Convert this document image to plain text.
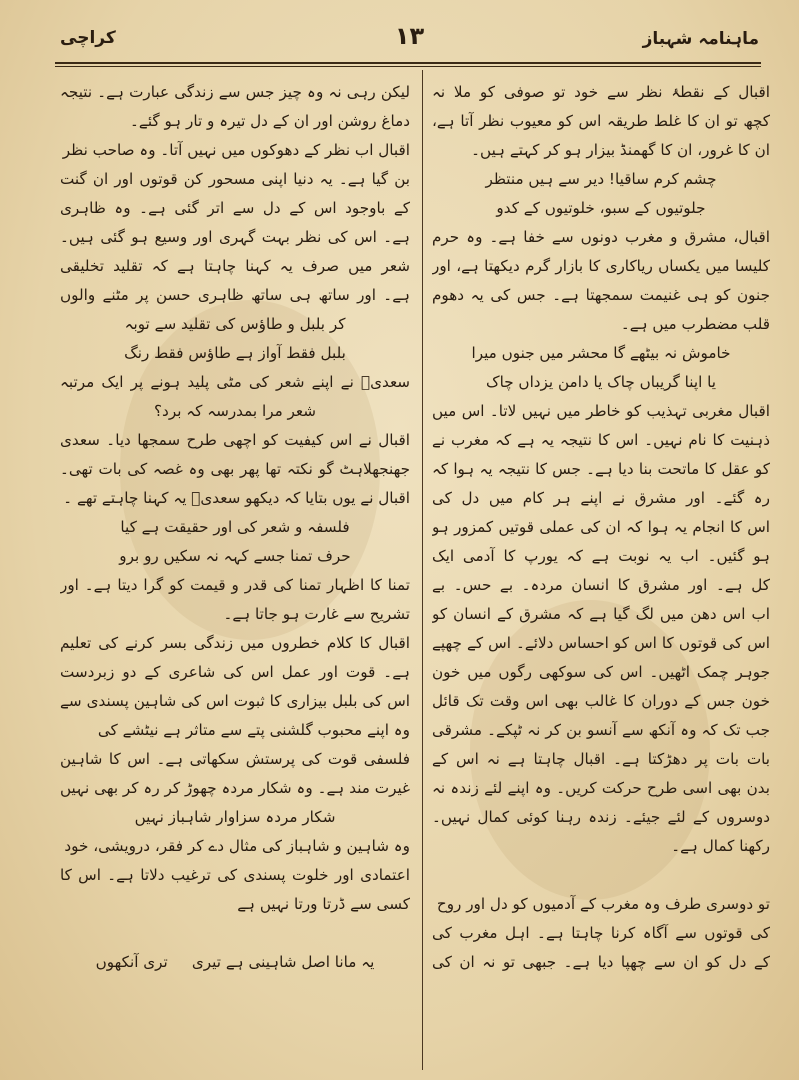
ماہنامہ شہباز
۱۳
کراچی
اقبال کے نقطۂ نظر سے خود تو صوفی کو ملا نہ
کچھ تو ان کا غلط طریقہ اس کو معیوب نظر آتا ہے،
ان کا غرور، ان کا گھمنڈ بیزار ہو کر کہتے ہیں۔
چشم کرم ساقیا! دیر سے ہیں منتظر
جلوتیوں کے سبو، خلوتیوں کے کدو
اقبال، مشرق و مغرب دونوں سے خفا ہے۔ وہ حرم
کلیسا میں یکساں ریاکاری کا بازار گرم دیکھتا ہے، اور
جنون کو ہی غنیمت سمجھتا ہے۔ جس کی یہ دھوم
قلب مضطرب میں ہے۔
خاموش نہ بیٹھے گا محشر میں جنوں میرا
یا اپنا گریباں چاک یا دامن یزداں چاک
اقبال مغربی تہذیب کو خاطر میں نہیں لاتا۔ اس میں
ذہنیت کا نام نہیں۔ اس کا نتیجہ یہ ہے کہ مغرب نے
کو عقل کا ماتحت بنا دیا ہے۔ جس کا نتیجہ یہ ہوا کہ
رہ گئے۔ اور مشرق نے اپنے ہر کام میں دل کی
اس کا انجام یہ ہوا کہ ان کی عملی قوتیں کمزور ہو
ہو گئیں۔ اب یہ نوبت ہے کہ یورپ کا آدمی ایک
کل ہے۔ اور مشرق کا انسان مردہ۔ بے حس۔ بے
اب اس دھن میں لگ گیا ہے کہ مشرق کے انسان کو
اس کی قوتوں کا اس کو احساس دلائے۔ اس کے چھپے
جوہر چمک اٹھیں۔ اس کی سوکھی رگوں میں خون
خون جس کے دوران کا غالب بھی اس وقت تک قائل
جب تک کہ وہ آنکھ سے آنسو بن کر نہ ٹپکے۔ مشرقی
بات بات پر دھڑکتا ہے۔ اقبال چاہتا ہے نہ اس کے
بدن بھی اسی طرح حرکت کریں۔ وہ اپنے لئے زندہ نہ
دوسروں کے لئے جیئے۔ زندہ رہنا کوئی کمال نہیں۔
رکھنا کمال ہے۔
تو دوسری طرف وہ مغرب کے آدمیوں کو دل اور روح
کی قوتوں سے آگاہ کرنا چاہتا ہے۔ اہل مغرب کی
کے دل کو ان سے چھپا دیا ہے۔ جبھی تو نہ ان کی
لیکن رہی نہ وہ چیز جس سے زندگی عبارت ہے۔ نتیجہ
دماغ روشن اور ان کے دل تیرہ و تار ہو گئے۔
اقبال اب نظر کے دھوکوں میں نہیں آتا۔ وہ صاحب نظر
بن گیا ہے۔ یہ دنیا اپنی مسحور کن قوتوں اور ان گنت
کے باوجود اس کے دل سے اتر گئی ہے۔ وہ ظاہری
ہے۔ اس کی نظر بہت گہری اور وسیع ہو گئی ہیں۔
شعر میں صرف یہ کہنا چاہتا ہے کہ تقلید تخلیقی
ہے۔ اور ساتھ ہی ساتھ ظاہری حسن پر مٹنے والوں
کر بلبل و طاؤس کی تقلید سے توبہ
بلبل فقط آواز ہے طاؤس فقط رنگ
سعدیؒ نے اپنے شعر کی مٹی پلید ہونے پر ایک مرتبہ
شعر مرا بمدرسہ کہ برد؟
اقبال نے اس کیفیت کو اچھی طرح سمجھا دیا۔ سعدی
جھنجھلاہٹ گو نکتہ تھا پھر بھی وہ غصہ کی بات تھی۔
اقبال نے یوں بتایا کہ دیکھو سعدیؒ یہ کہنا چاہتے تھے ۔
فلسفہ و شعر کی اور حقیقت ہے کیا
حرف تمنا جسے کہہ نہ سکیں رو برو
تمنا کا اظہار تمنا کی قدر و قیمت کو گرا دیتا ہے۔ اور
تشریح سے غارت ہو جاتا ہے۔
اقبال کا کلام خطروں میں زندگی بسر کرنے کی تعلیم
ہے۔ قوت اور عمل اس کی شاعری کے دو زبردست
اس کی بلبل بیزاری کا ثبوت اس کی شاہین پسندی سے
وہ اپنے محبوب گلشنی پتے سے متاثر ہے نیٹشے کی
فلسفی قوت کی پرستش سکھاتی ہے۔ اس کا شاہین
غیرت مند ہے۔ وہ شکار مردہ چھوڑ کر رہ کر بھی نہیں
شکار مردہ سزاوار شاہباز نہیں
وہ شاہین و شاہباز کی مثال دے کر فقر، درویشی، خود
اعتمادی اور خلوت پسندی کی ترغیب دلاتا ہے۔ اس کا
کسی سے ڈرتا ورتا نہیں ہے
یہ مانا اصل شاہینی ہے تیری     تری آنکھوں
